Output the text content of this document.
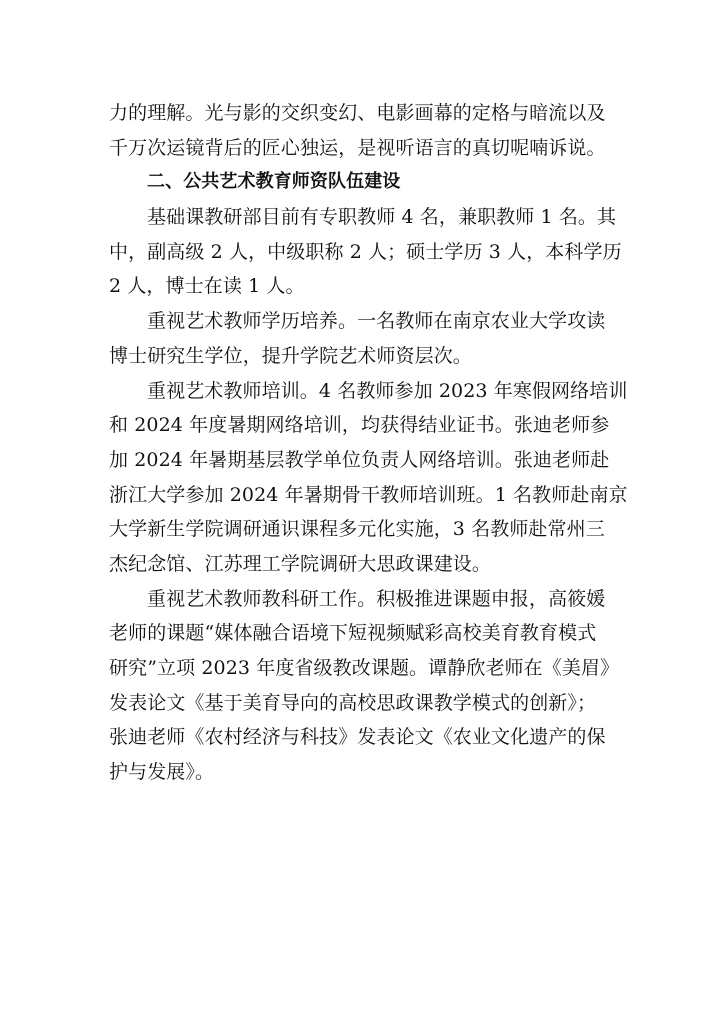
力的理解。光与影的交织变幻、电影画幕的定格与暗流以及
千万次运镜背后的匠心独运，是视听语言的真切呢喃诉说。
二、公共艺术教育师资队伍建设
基础课教研部目前有专职教师 4 名，兼职教师 1 名。其
中，副高级 2 人，中级职称 2 人；硕士学历 3 人，本科学历
2 人，博士在读 1 人。
重视艺术教师学历培养。一名教师在南京农业大学攻读
博士研究生学位，提升学院艺术师资层次。
重视艺术教师培训。4 名教师参加 2023 年寒假网络培训
和 2024 年度暑期网络培训，均获得结业证书。张迪老师参
加 2024 年暑期基层教学单位负责人网络培训。张迪老师赴
浙江大学参加 2024 年暑期骨干教师培训班。1 名教师赴南京
大学新生学院调研通识课程多元化实施，3 名教师赴常州三
杰纪念馆、江苏理工学院调研大思政课建设。
重视艺术教师教科研工作。积极推进课题申报，高筱媛
老师的课题“媒体融合语境下短视频赋彩高校美育教育模式
研究”立项 2023 年度省级教改课题。谭静欣老师在《美眉》
发表论文《基于美育导向的高校思政课教学模式的创新》；
张迪老师《农村经济与科技》发表论文《农业文化遗产的保
护与发展》。
